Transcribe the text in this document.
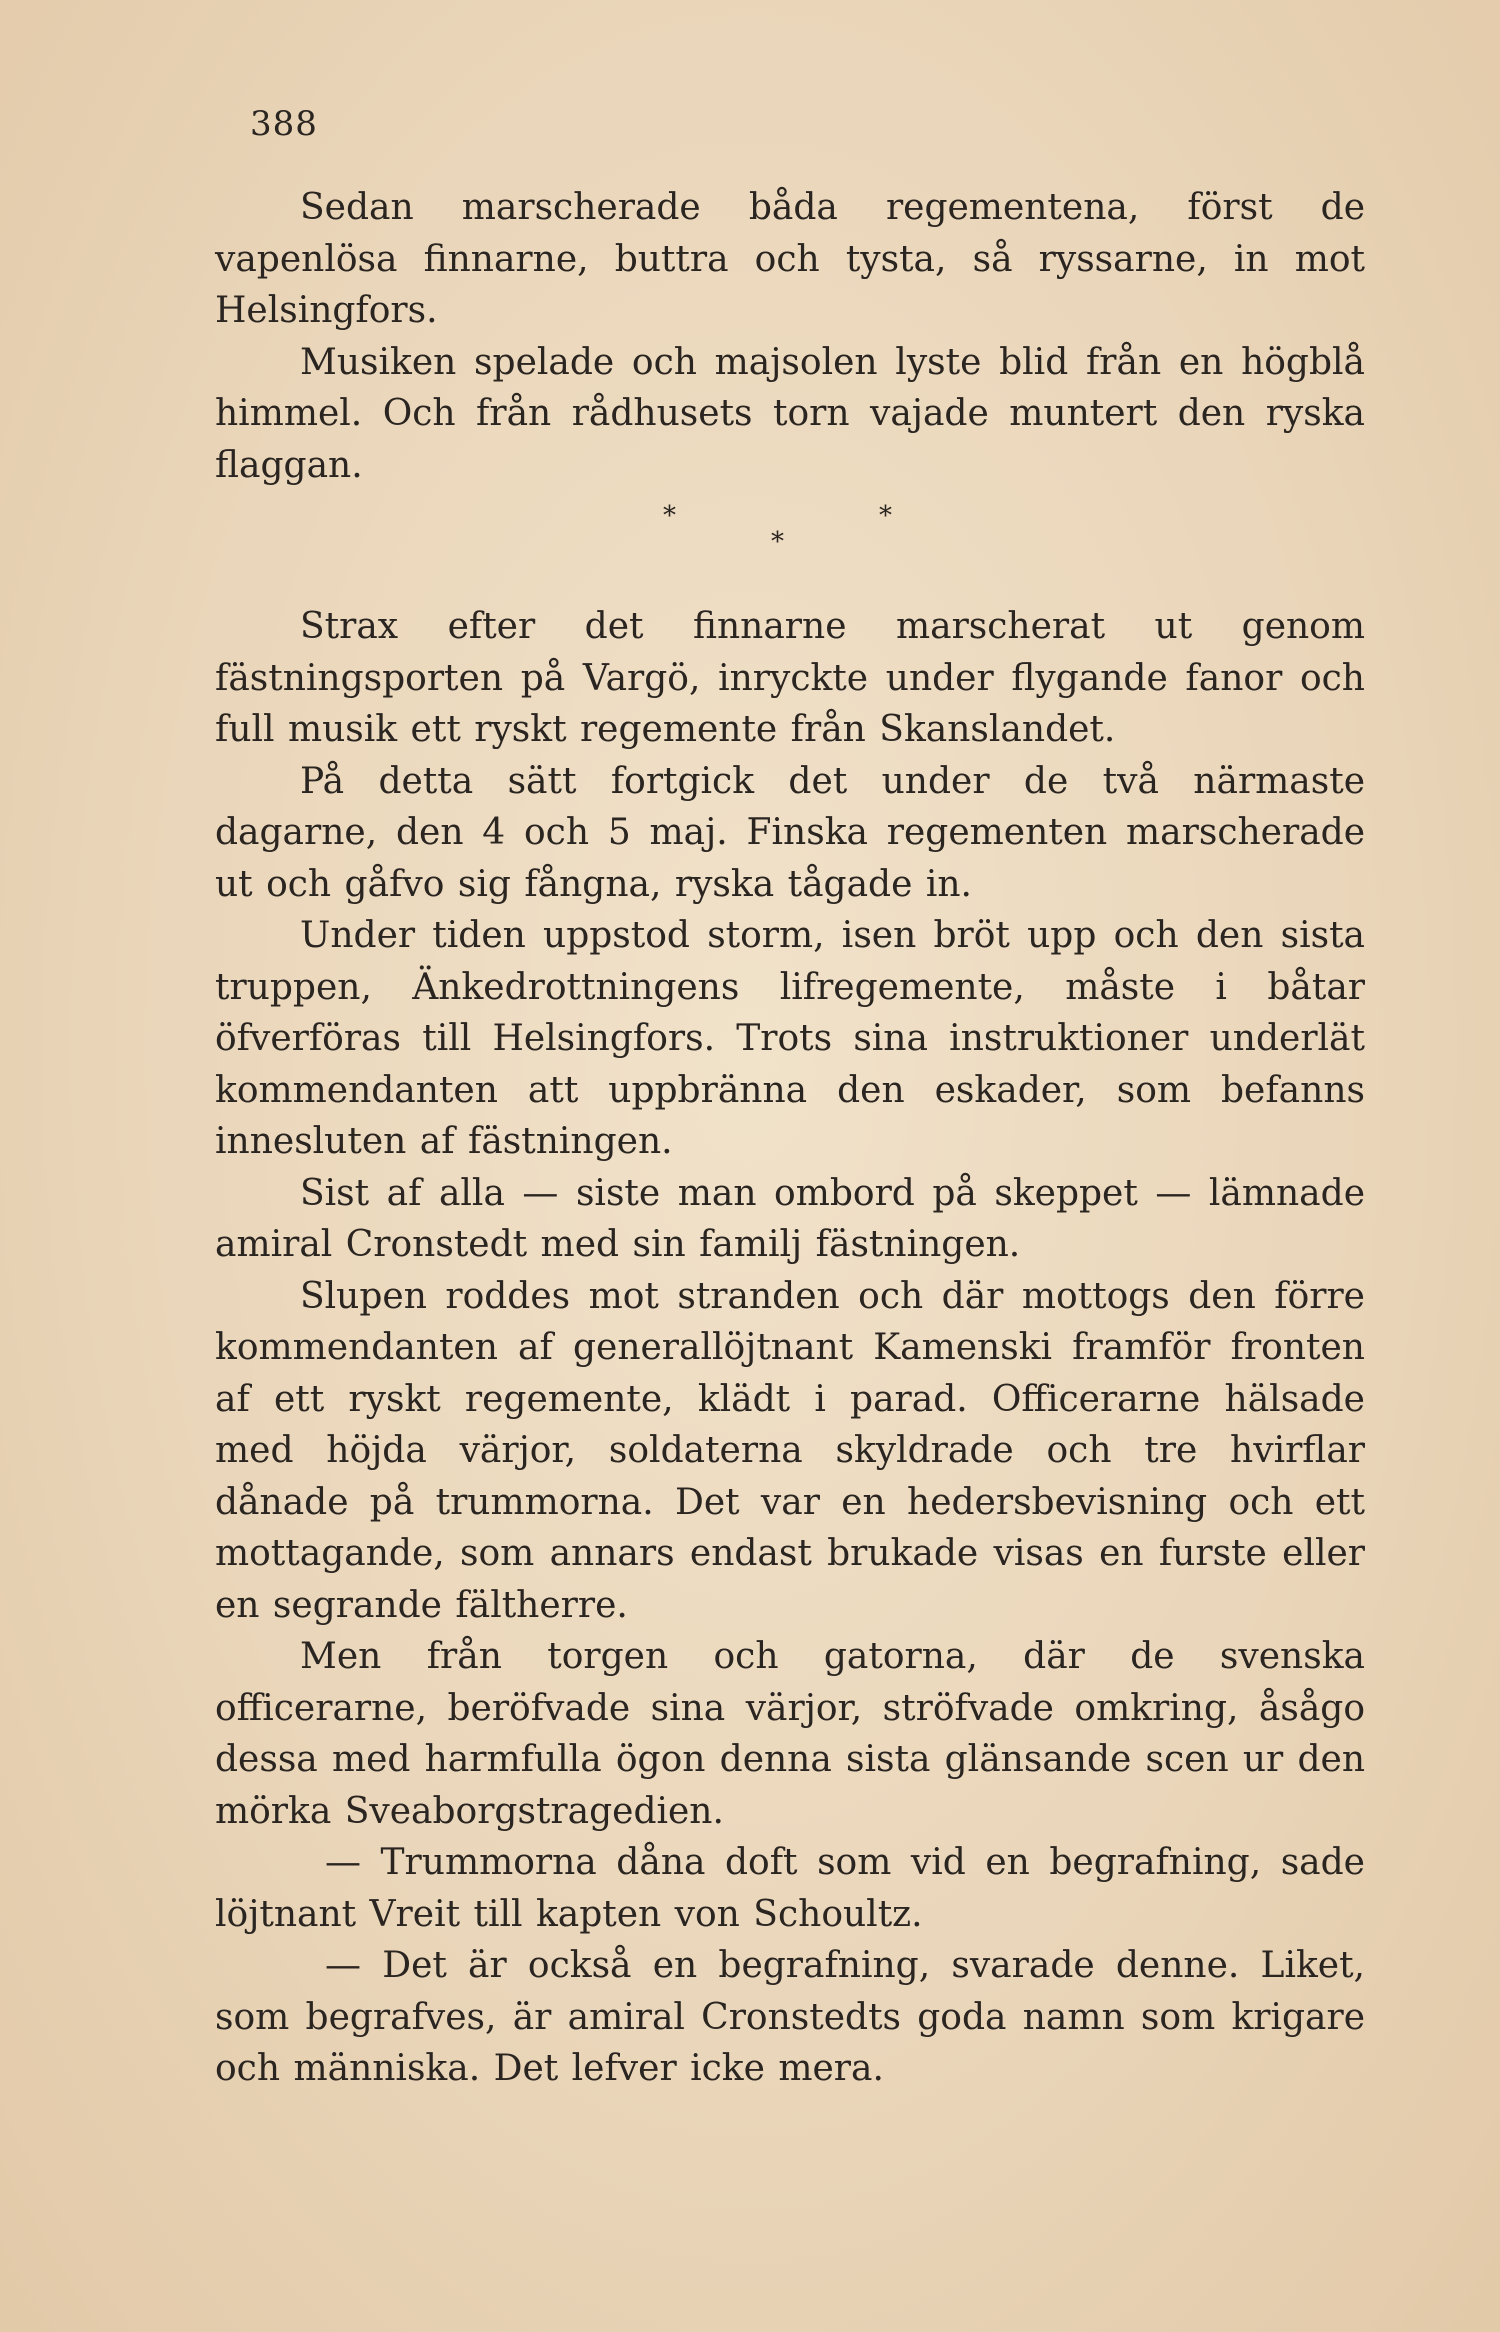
388

Sedan marscherade båda regementena, först de vapenlösa finnarne, buttra och tysta, så ryssarne, in mot Helsingfors.

Musiken spelade och majsolen lyste blid från en högblå himmel. Och från rådhusets torn vajade muntert den ryska flaggan.

*	*
*

Strax efter det finnarne marscherat ut genom fästningsporten på Vargö, inryckte under flygande fanor och full musik ett ryskt regemente från Skanslandet.

På detta sätt fortgick det under de två närmaste dagarne, den 4 och 5 maj. Finska regementen marscherade ut och gåfvo sig fångna, ryska tågade in.

Under tiden uppstod storm, isen bröt upp och den sista truppen, Änkedrottningens lifregemente, måste i båtar öfverföras till Helsingfors. Trots sina instruktioner underlät kommendanten att uppbränna den eskader, som befanns innesluten af fästningen.

Sist af alla — siste man ombord på skeppet — lämnade amiral Cronstedt med sin familj fästningen.

Slupen roddes mot stranden och där mottogs den förre kommendanten af generallöjtnant Kamenski framför fronten af ett ryskt regemente, klädt i parad. Officerarne hälsade med höjda värjor, soldaterna skyldrade och tre hvirflar dånade på trummorna. Det var en hedersbevisning och ett mottagande, som annars endast brukade visas en furste eller en segrande fältherre.

Men från torgen och gatorna, där de svenska officerarne, beröfvade sina värjor, ströfvade omkring, åsågo dessa med harmfulla ögon denna sista glänsande scen ur den mörka Sveaborgstragedien.

— Trummorna dåna doft som vid en begrafning, sade löjtnant Vreit till kapten von Schoultz.

— Det är också en begrafning, svarade denne. Liket, som begrafves, är amiral Cronstedts goda namn som krigare och människa. Det lefver icke mera.
